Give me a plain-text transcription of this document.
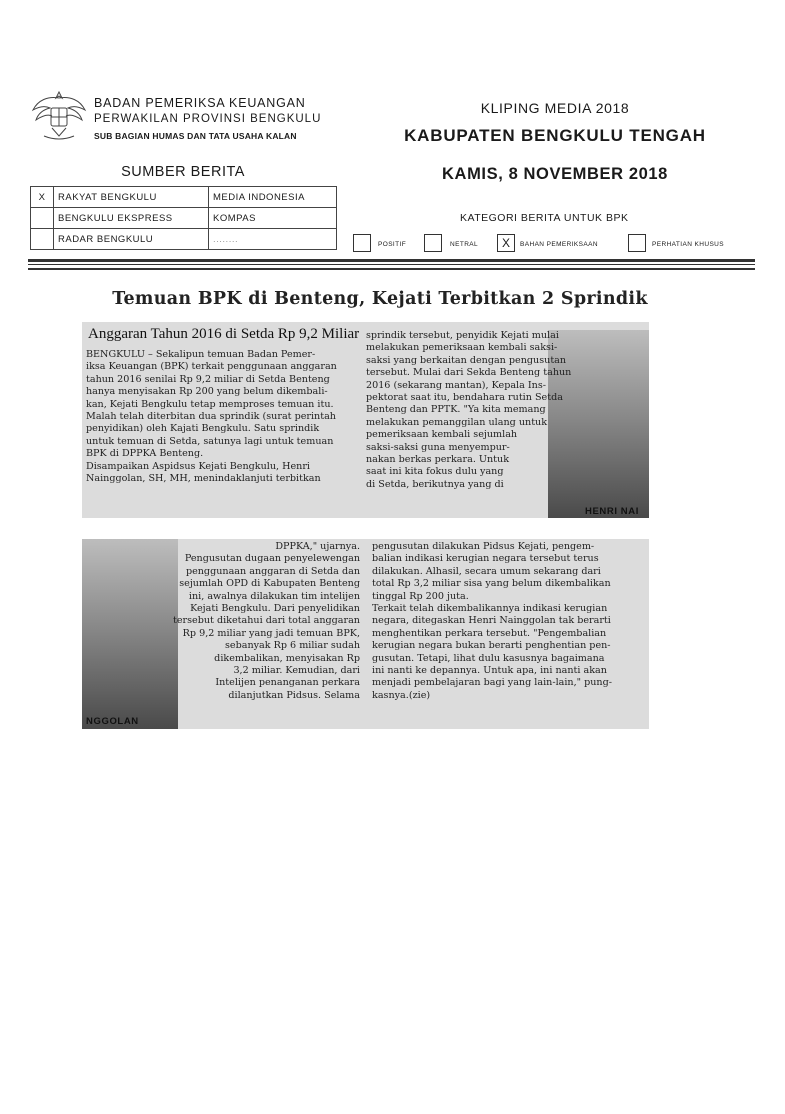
BADAN PEMERIKSA KEUANGAN
PERWAKILAN PROVINSI BENGKULU
SUB BAGIAN HUMAS DAN TATA USAHA KALAN
KLIPING MEDIA 2018
KABUPATEN BENGKULU TENGAH
KAMIS, 8 NOVEMBER 2018
SUMBER BERITA
X	RAKYAT BENGKULU	MEDIA INDONESIA
	BENGKULU EKSPRESS	KOMPAS
	RADAR BENGKULU	........
KATEGORI BERITA UNTUK BPK
POSITIF	NETRAL	X	BAHAN PEMERIKSAAN	PERHATIAN KHUSUS
Temuan BPK di Benteng, Kejati Terbitkan 2 Sprindik
Anggaran Tahun 2016 di Setda Rp 9,2 Miliar
BENGKULU – Sekalipun temuan Badan Pemer-
iksa Keuangan (BPK) terkait penggunaan anggaran
tahun 2016 senilai Rp 9,2 miliar di Setda Benteng
hanya menyisakan Rp 200 yang belum dikembali-
kan, Kejati Bengkulu tetap memproses temuan itu.
Malah telah diterbitan dua sprindik (surat perintah
penyidikan) oleh Kajati Bengkulu. Satu sprindik
untuk temuan di Setda, satunya lagi untuk temuan
BPK di DPPKA Benteng.
Disampaikan Aspidsus Kejati Bengkulu, Henri
Nainggolan, SH, MH, menindaklanjuti terbitkan
sprindik tersebut, penyidik Kejati mulai
melakukan pemeriksaan kembali saksi-
saksi yang berkaitan dengan pengusutan
tersebut. Mulai dari Sekda Benteng tahun
2016 (sekarang mantan), Kepala Ins-
pektorat saat itu, bendahara rutin Setda
Benteng dan PPTK. "Ya kita memang
melakukan pemanggilan ulang untuk
pemeriksaan kembali sejumlah
saksi-saksi guna menyempur-
nakan berkas perkara. Untuk
saat ini kita fokus dulu yang
di Setda, berikutnya yang di
HENRI NAI
DPPKA," ujarnya.
Pengusutan dugaan penyelewengan
penggunaan anggaran di Setda dan
sejumlah OPD di Kabupaten Benteng
ini, awalnya dilakukan tim intelijen
Kejati Bengkulu. Dari penyelidikan
tersebut diketahui dari total anggaran
Rp 9,2 miliar yang jadi temuan BPK,
sebanyak Rp 6 miliar sudah
dikembalikan, menyisakan Rp
3,2 miliar. Kemudian, dari
Intelijen penanganan perkara
dilanjutkan Pidsus. Selama
NGGOLAN
pengusutan dilakukan Pidsus Kejati, pengem-
balian indikasi kerugian negara tersebut terus
dilakukan. Alhasil, secara umum sekarang dari
total Rp 3,2 miliar sisa yang belum dikembalikan
tinggal Rp 200 juta.
Terkait telah dikembalikannya indikasi kerugian
negara, ditegaskan Henri Nainggolan tak berarti
menghentikan perkara tersebut. "Pengembalian
kerugian negara bukan berarti penghentian pen-
gusutan. Tetapi, lihat dulu kasusnya bagaimana
ini nanti ke depannya. Untuk apa, ini nanti akan
menjadi pembelajaran bagi yang lain-lain," pung-
kasnya.(zie)
